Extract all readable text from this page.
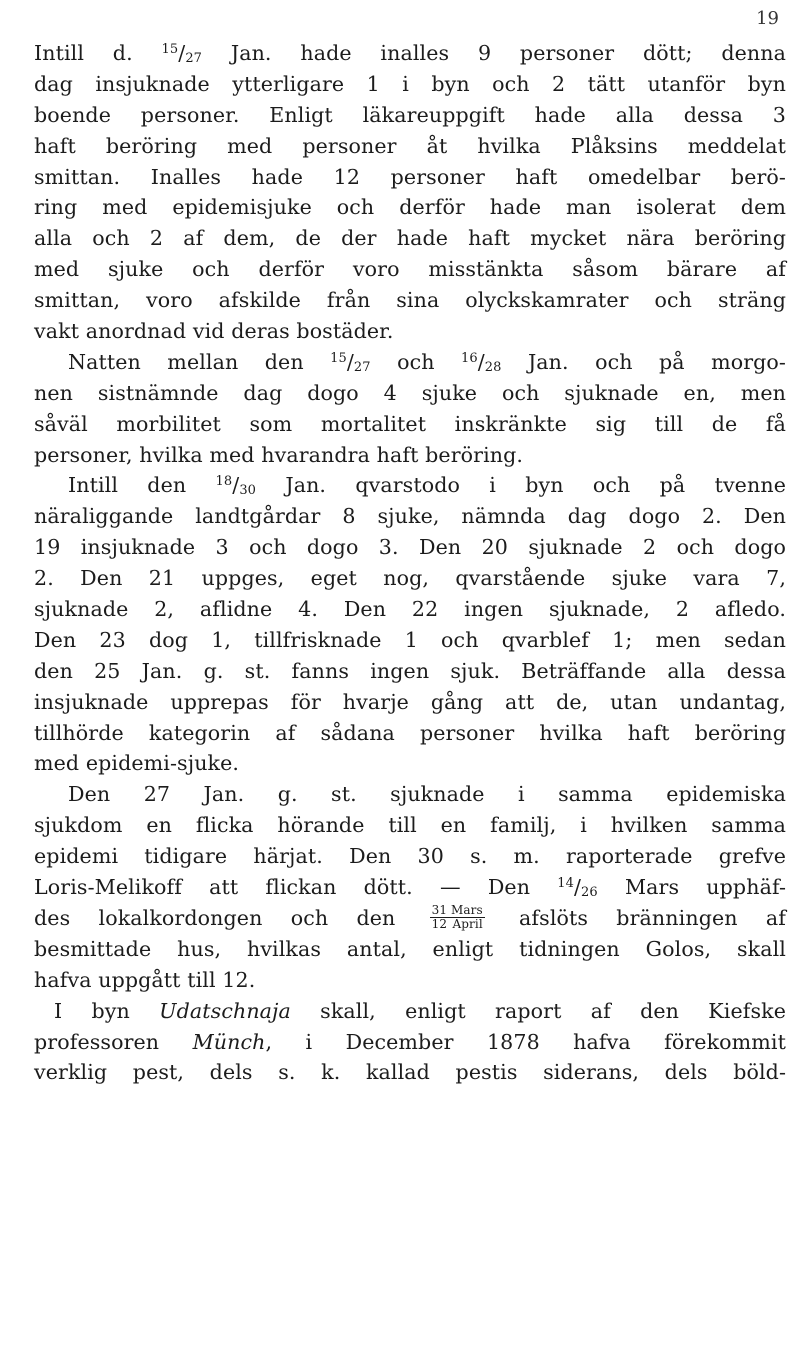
19
Intill d. $^{15}/_{27}$ Jan. hade inalles 9 personer dött; denna
dag insjuknade ytterligare 1 i byn och 2 tätt utanför byn
boende personer. Enligt läkareuppgift hade alla dessa 3
haft beröring med personer åt hvilka Plåksins meddelat
smittan. Inalles hade 12 personer haft omedelbar berö-
ring med epidemisjuke och derför hade man isolerat dem
alla och 2 af dem, de der hade haft mycket nära beröring
med sjuke och derför voro misstänkta såsom bärare af
smittan, voro afskilde från sina olyckskamrater och sträng
vakt anordnad vid deras bostäder.
Natten mellan den $^{15}/_{27}$ och $^{16}/_{28}$ Jan. och på morgo-
nen sistnämnde dag dogo 4 sjuke och sjuknade en, men
såväl morbilitet som mortalitet inskränkte sig till de få
personer, hvilka med hvarandra haft beröring.
Intill den $^{18}/_{30}$ Jan. qvarstodo i byn och på tvenne
näraliggande landtgårdar 8 sjuke, nämnda dag dogo 2. Den
19 insjuknade 3 och dogo 3. Den 20 sjuknade 2 och dogo
2. Den 21 uppges, eget nog, qvarstående sjuke vara 7,
sjuknade 2, aflidne 4. Den 22 ingen sjuknade, 2 afledo.
Den 23 dog 1, tillfrisknade 1 och qvarblef 1; men sedan
den 25 Jan. g. st. fanns ingen sjuk. Beträffande alla dessa
insjuknade upprepas för hvarje gång att de, utan undantag,
tillhörde kategorin af sådana personer hvilka haft beröring
med epidemi-sjuke.
Den 27 Jan. g. st. sjuknade i samma epidemiska
sjukdom en flicka hörande till en familj, i hvilken samma
epidemi tidigare härjat. Den 30 s. m. raporterade grefve
Loris-Melikoff att flickan dött. — Den $^{14}/_{26}$ Mars upphäf-
des lokalkordongen och den $\frac{\text{31 Mars}}{\text{12 April}}$ afslöts bränningen af
besmittade hus, hvilkas antal, enligt tidningen Golos, skall
hafva uppgått till 12.
I byn Udatschnaja skall, enligt raport af den Kiefske
professoren Münch, i December 1878 hafva förekommit
verklig pest, dels s. k. kallad pestis siderans, dels böld-
